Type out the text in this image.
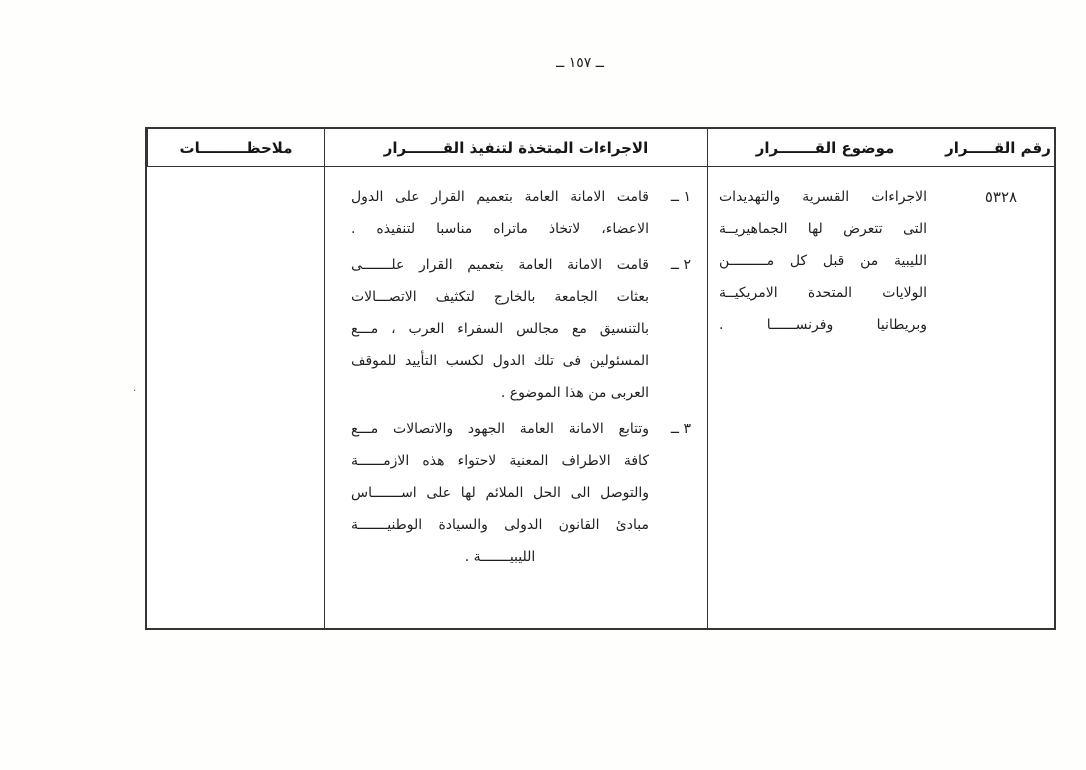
ــ ١٥٧ ــ
.
رقم القـــــرار
موضوع القـــــــرار
الاجراءات المتخذة لتنفيذ القـــــــرار
ملاحظـــــــــات
٥٣٢٨
الاجراءات القسرية والتهديدات
التى تتعرض لها الجماهيريــة
الليبية من قبل كل مـــــــــن
الولايات المتحدة الامريكيــة
وبريطانيا وفرنســــــا .
١ ــ
قامت الامانة العامة بتعميم القرار على الدول
الاعضاء، لاتخاذ ماتراه مناسبا لتنفيذه .
٢ ــ
قامت الامانة العامة بتعميم القرار علـــــــى
بعثات الجامعة بالخارج لتكثيف الاتصـــالات
بالتنسيق مع مجالس السفراء العرب ، مـــع
المسئولين فى تلك الدول لكسب التأييد للموقف
العربى من هذا الموضوع .
٣ ــ
وتتابع الامانة العامة الجهود والاتصالات مـــع
كافة الاطراف المعنية لاحتواء هذه الازمــــــة
والتوصل الى الحل الملائم لها على اســـــــاس
مبادئ القانون الدولى والسيادة الوطنيـــــــة
الليبيـــــــة .
